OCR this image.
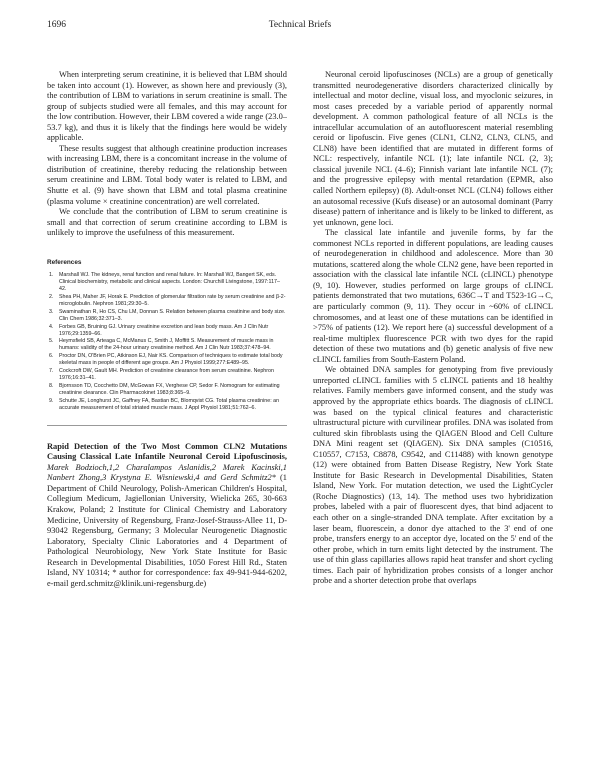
1696	Technical Briefs

When interpreting serum creatinine, it is believed that LBM should be taken into account (1). However, as shown here and previously (3), the contribution of LBM to variations in serum creatinine is small. The group of subjects studied were all females, and this may account for the low contribution. However, their LBM covered a wide range (23.0–53.7 kg), and thus it is likely that the findings here would be widely applicable.

These results suggest that although creatinine production increases with increasing LBM, there is a concomitant increase in the volume of distribution of creatinine, thereby reducing the relationship between serum creatinine and LBM. Total body water is related to LBM, and Shutte et al. (9) have shown that LBM and total plasma creatinine (plasma volume × creatinine concentration) are well correlated.

We conclude that the contribution of LBM to serum creatinine is small and that correction of serum creatinine according to LBM is unlikely to improve the usefulness of this measurement.

References
1. Marshall WJ. The kidneys, renal function and renal failure. In: Marshall WJ, Bangert SK, eds. Clinical biochemistry, metabolic and clinical aspects. London: Churchill Livingstone, 1997:117–42.
2. Shea PH, Maher JF, Horak E. Prediction of glomerular filtration rate by serum creatinine and β-2-microglobulin. Nephron 1981;29:30–5.
3. Swaminathan R, Ho CS, Chu LM, Donnan S. Relation between plasma creatinine and body size. Clin Chem 1986;32:371–3.
4. Forbes GB, Bruining GJ. Urinary creatinine excretion and lean body mass. Am J Clin Nutr 1976;29:1359–66.
5. Heymsfield SB, Arteaga C, McManus C, Smith J, Moffitt S. Measurement of muscle mass in humans: validity of the 24-hour urinary creatinine method. Am J Clin Nutr 1983;37:478–94.
6. Proctor DN, O'Brien PC, Atkinson EJ, Nair KS. Comparison of techniques to estimate total body skeletal mass in people of different age groups. Am J Physiol 1999;277:E489–95.
7. Cockcroft DW, Gault MH. Prediction of creatinine clearance from serum creatinine. Nephron 1976;16:31–41.
8. Bjornsson TD, Cocchetto DM, McGowan FX, Verghese CP, Sedor F. Nomogram for estimating creatinine clearance. Clin Pharmacokinet 1983;8:365–9.
9. Schutte JE, Longhurst JC, Gaffney FA, Bastian BC, Blomqvist CG. Total plasma creatinine: an accurate measurement of total striated muscle mass. J Appl Physiol 1981;51:762–6.

Rapid Detection of the Two Most Common CLN2 Mutations Causing Classical Late Infantile Neuronal Ceroid Lipofuscinosis, Marek Bodzioch,1,2 Charalampos Aslanidis,2 Marek Kacinski,1 Nanbert Zhong,3 Krystyna E. Wisniewski,4 and Gerd Schmitz2* (1 Department of Child Neurology, Polish-American Children's Hospital, Collegium Medicum, Jagiellonian University, Wielicka 265, 30-663 Krakow, Poland; 2 Institute for Clinical Chemistry and Laboratory Medicine, University of Regensburg, Franz-Josef-Strauss-Allee 11, D-93042 Regensburg, Germany; 3 Molecular Neurogenetic Diagnostic Laboratory, Specialty Clinic Laboratories and 4 Department of Pathological Neurobiology, New York State Institute for Basic Research in Developmental Disabilities, 1050 Forest Hill Rd., Staten Island, NY 10314; * author for correspondence: fax 49-941-944-6202, e-mail gerd.schmitz@klinik.uni-regensburg.de)

Neuronal ceroid lipofuscinoses (NCLs) are a group of genetically transmitted neurodegenerative disorders characterized clinically by intellectual and motor decline, visual loss, and myoclonic seizures, in most cases preceded by a variable period of apparently normal development. A common pathological feature of all NCLs is the intracellular accumulation of an autofluorescent material resembling ceroid or lipofuscin. Five genes (CLN1, CLN2, CLN3, CLN5, and CLN8) have been identified that are mutated in different forms of NCL: respectively, infantile NCL (1); late infantile NCL (2, 3); classical juvenile NCL (4–6); Finnish variant late infantile NCL (7); and the progressive epilepsy with mental retardation (EPMR, also called Northern epilepsy) (8). Adult-onset NCL (CLN4) follows either an autosomal recessive (Kufs disease) or an autosomal dominant (Parry disease) pattern of inheritance and is likely to be linked to different, as yet unknown, gene loci.

The classical late infantile and juvenile forms, by far the commonest NCLs reported in different populations, are leading causes of neurodegeneration in childhood and adolescence. More than 30 mutations, scattered along the whole CLN2 gene, have been reported in association with the classical late infantile NCL (cLINCL) phenotype (9, 10). However, studies performed on large groups of cLINCL patients demonstrated that two mutations, 636C→T and T523-1G→C, are particularly common (9, 11). They occur in ~60% of cLINCL chromosomes, and at least one of these mutations can be identified in >75% of patients (12). We report here (a) successful development of a real-time multiplex fluorescence PCR with two dyes for the rapid detection of these two mutations and (b) genetic analysis of five new cLINCL families from South-Eastern Poland.

We obtained DNA samples for genotyping from five previously unreported cLINCL families with 5 cLINCL patients and 18 healthy relatives. Family members gave informed consent, and the study was approved by the appropriate ethics boards. The diagnosis of cLINCL was based on the typical clinical features and characteristic ultrastructural picture with curvilinear profiles. DNA was isolated from cultured skin fibroblasts using the QIAGEN Blood and Cell Culture DNA Mini reagent set (QIAGEN). Six DNA samples (C10516, C10557, C7153, C8878, C9542, and C11488) with known genotype (12) were obtained from Batten Disease Registry, New York State Institute for Basic Research in Developmental Disabilities, Staten Island, New York. For mutation detection, we used the LightCycler (Roche Diagnostics) (13, 14). The method uses two hybridization probes, labeled with a pair of fluorescent dyes, that bind adjacent to each other on a single-stranded DNA template. After excitation by a laser beam, fluorescein, a donor dye attached to the 3' end of one probe, transfers energy to an acceptor dye, located on the 5' end of the other probe, which in turn emits light detected by the instrument. The use of thin glass capillaries allows rapid heat transfer and short cycling times. Each pair of hybridization probes consists of a longer anchor probe and a shorter detection probe that overlaps
